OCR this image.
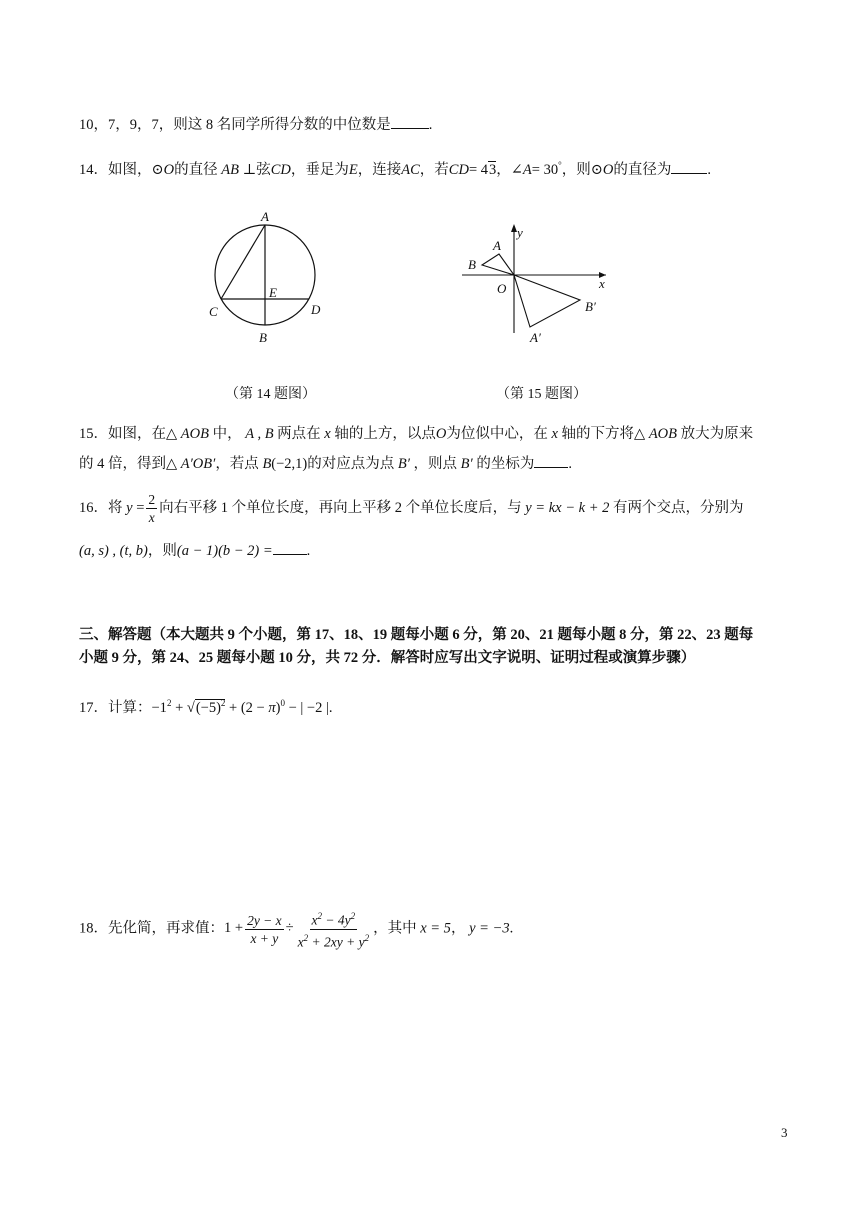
10，7，9，7，则这 8 名同学所得分数的中位数是	.
14．如图，⊙O的直径 AB ⊥弦CD，垂足为E，连接AC，若CD= 43，∠A= 30°，则⊙O的直径为 .
A
C	D
E
B
（第 14 题图）
y
x
A
B
O
B′
A′
（第 15 题图）
15．如图，在△ AOB 中， A , B 两点在 x 轴的上方，以点O为位似中心，在 x 轴的下方将△ AOB 放大为原来
的 4 倍，得到△ A′OB′，若点 B(−2,1)的对应点为点 B′ ，则点 B′ 的坐标为 .
16．将 $y = \frac{2}{x}$ 向右平移 1 个单位长度，再向上平移 2 个单位长度后，与 y = kx − k + 2 有两个交点，分别为
(a, s) , (t, b)，则(a − 1)(b − 2) = .
三、解答题（本大题共 9 个小题，第 17、18、19 题每小题 6 分，第 20、21 题每小题 8 分，第 22、23 题每
小题 9 分，第 24、25 题每小题 10 分，共 72 分．解答时应写出文字说明、证明过程或演算步骤）
17．计算：$-1^2 + √(-5)^2 + (2 - \pi)^0$ − | −2 |.
18．先化简，再求值：$1 + \frac{2y - x}{x + y} \div \frac{x^2 - 4y^2}{x^2 + 2xy + y^2}$ ，其中 x = 5， y = −3.
3
